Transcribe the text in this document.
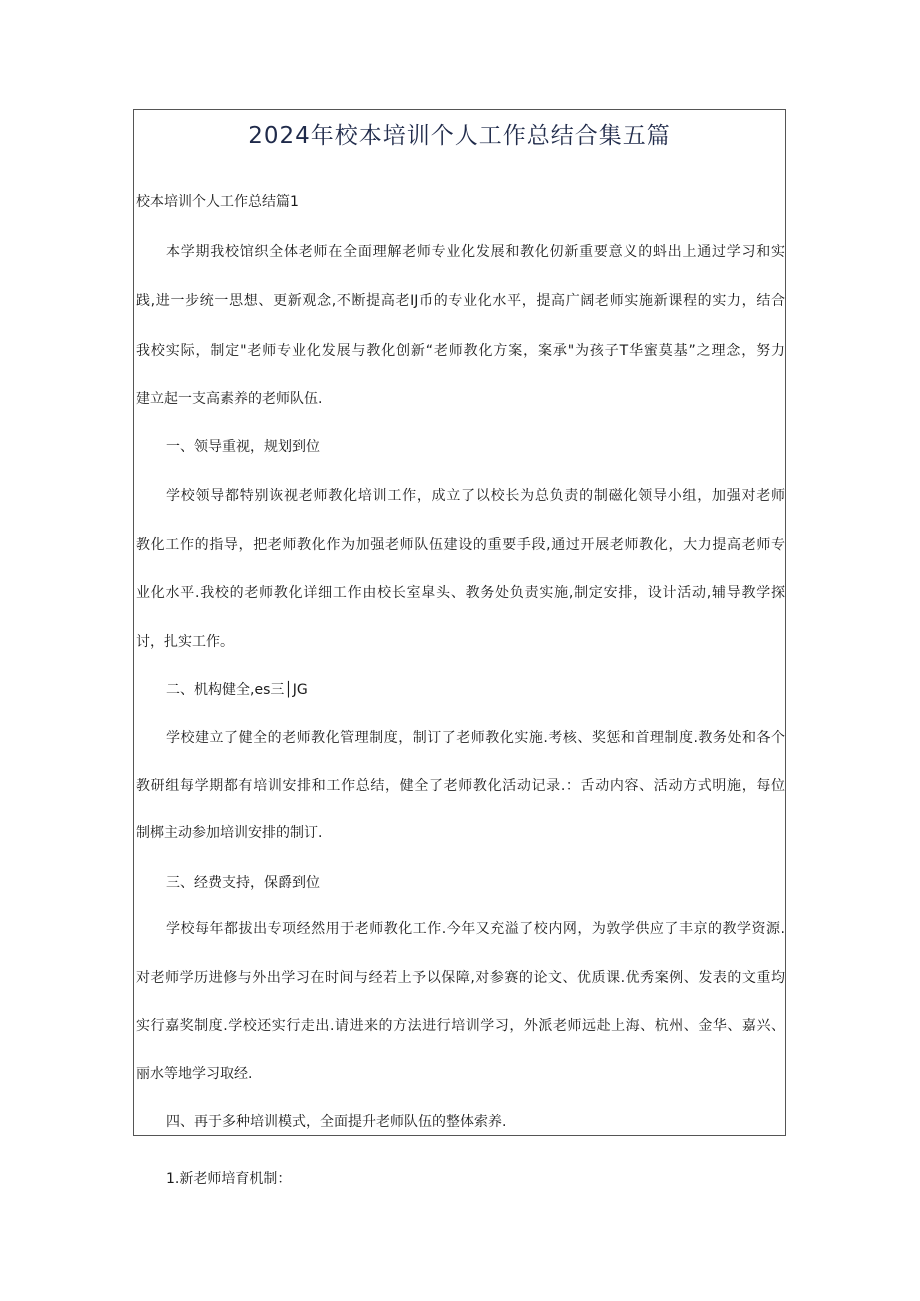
2024年校本培训个人工作总结合集五篇
校本培训个人工作总结篇1
本学期我校馆织全体老师在全面理解老师专业化发展和教化仞新重要意义的蚪出上通过学习和实
践,进一步统一思想、更新观念,不断提高老IJ币的专业化水平，提高广阔老师实施新课程的实力，结合
我校实际，制定"老师专业化发展与教化创新“老师教化方案，案承"为孩子T华蜜莫基”之理念，努力
建立起一支高素养的老师队伍.
一、领导重视，规划到位
学校领导都特别诙视老师教化培训工作，成立了以校长为总负责的制磁化领导小组，加强对老师
教化工作的指导，把老师教化作为加强老师队伍建设的重要手段,通过开展老师教化，大力提高老师专
业化水平.我校的老师教化详细工作由校长室皐头、教务处负责实施,制定安排，设计活动,辅导教学探
讨，扎实工作。
二、机构健全,es三│JG
学校建立了健全的老师教化管理制度，制订了老师教化实施.考核、奖惩和首理制度.教务处和各个
教研组每学期都有培训安排和工作总结，健全了老师教化活动记录.：舌动内容、活动方式明施，每位
制梆主动参加培训安排的制订.
三、经费支持，保爵到位
学校每年都拔出专项经然用于老师教化工作.今年又充溢了校内网，为敦学供应了丰京的教学资源.
对老师学历进修与外出学习在时间与经若上予以保障,对参赛的论文、优质课.优秀案例、发表的文重均
实行嘉奖制度.学校还实行走出.请进来的方法进行培训学习，外派老师远赴上海、杭州、金华、嘉兴、
丽水等地学习取经.
四、再于多种培训模式，全面提升老师队伍的整体索养.
1.新老师培育机制：
